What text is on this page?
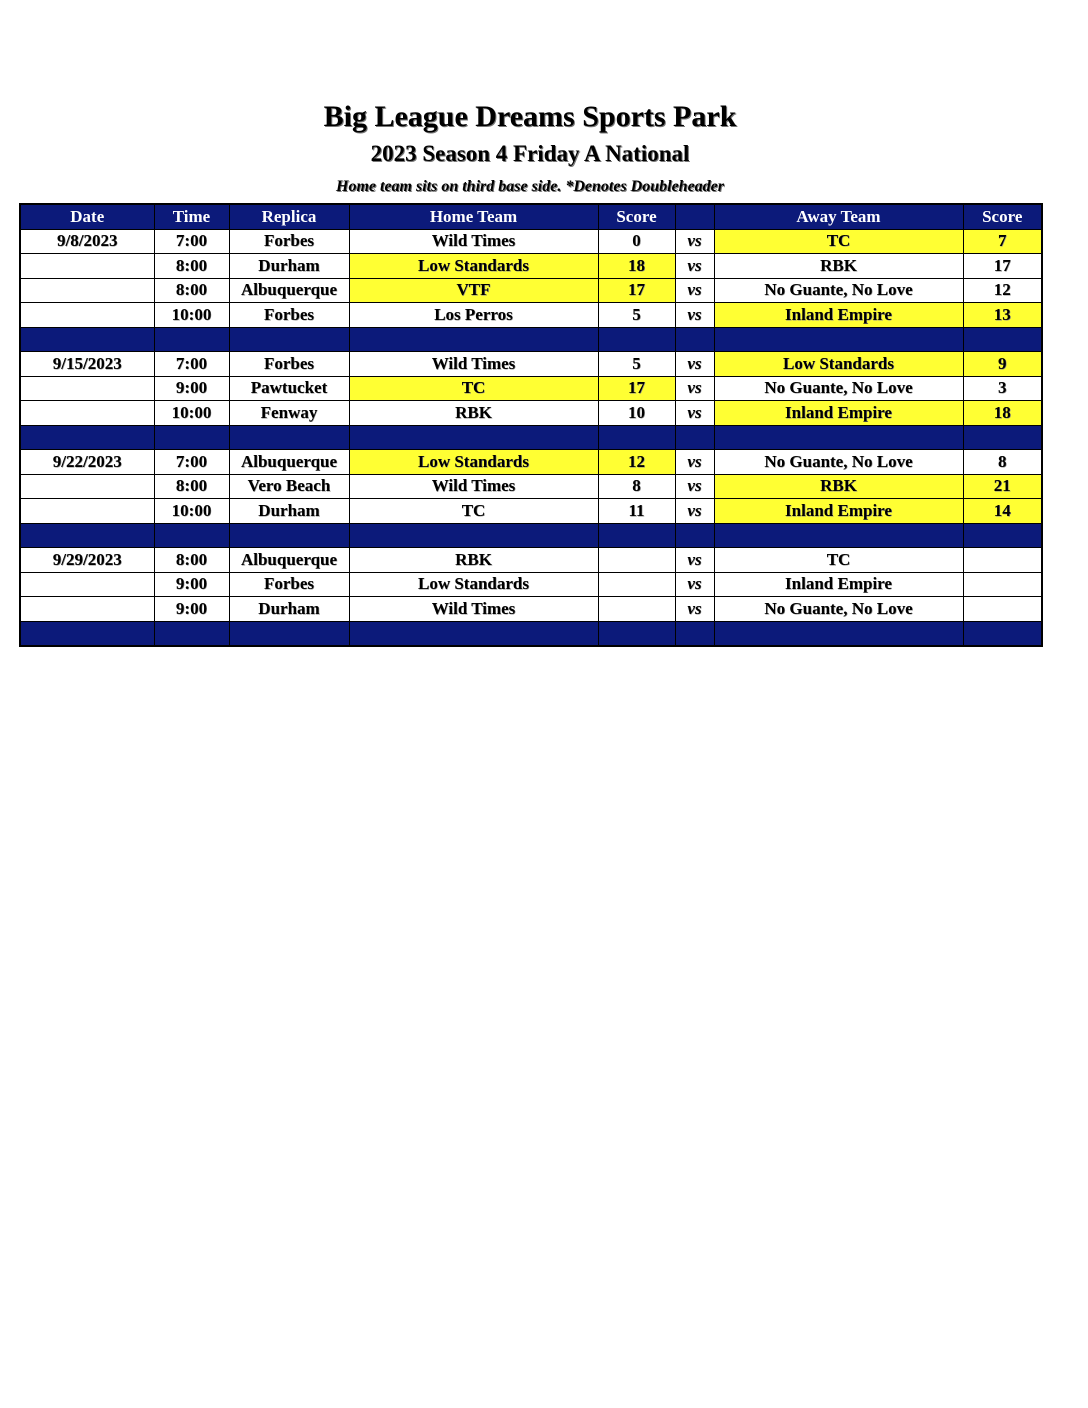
Big League Dreams Sports Park
2023 Season 4 Friday A National
Home team sits on third base side. *Denotes Doubleheader
Date	Time	Replica	Home Team	Score		Away Team	Score
9/8/2023	7:00	Forbes	Wild Times	0	vs	TC	7
	8:00	Durham	Low Standards	18	vs	RBK	17
	8:00	Albuquerque	VTF	17	vs	No Guante, No Love	12
	10:00	Forbes	Los Perros	5	vs	Inland Empire	13

9/15/2023	7:00	Forbes	Wild Times	5	vs	Low Standards	9
	9:00	Pawtucket	TC	17	vs	No Guante, No Love	3
	10:00	Fenway	RBK	10	vs	Inland Empire	18

9/22/2023	7:00	Albuquerque	Low Standards	12	vs	No Guante, No Love	8
	8:00	Vero Beach	Wild Times	8	vs	RBK	21
	10:00	Durham	TC	11	vs	Inland Empire	14

9/29/2023	8:00	Albuquerque	RBK		vs	TC	
	9:00	Forbes	Low Standards		vs	Inland Empire	
	9:00	Durham	Wild Times		vs	No Guante, No Love	
